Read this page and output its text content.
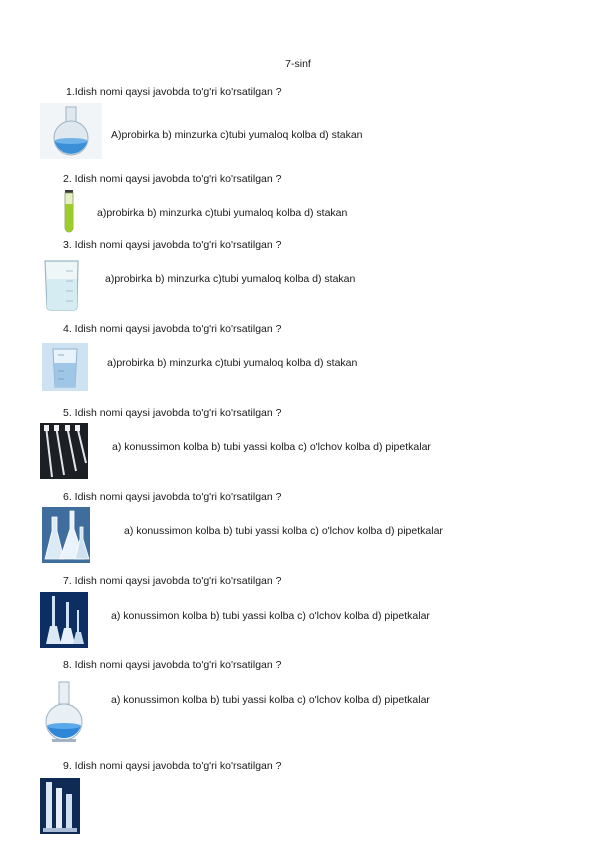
7-sinf
1.Idish nomi qaysi javobda to'g'ri ko'rsatilgan ?
A)probirka b) minzurka c)tubi yumaloq kolba d) stakan
2. Idish nomi qaysi javobda to'g'ri ko'rsatilgan ?
a)probirka b) minzurka c)tubi yumaloq kolba d) stakan
3. Idish nomi qaysi javobda to'g'ri ko'rsatilgan ?
a)probirka b) minzurka c)tubi yumaloq kolba d) stakan
4. Idish nomi qaysi javobda to'g'ri ko'rsatilgan ?
a)probirka b) minzurka c)tubi yumaloq kolba d) stakan
5. Idish nomi qaysi javobda to'g'ri ko'rsatilgan ?
a) konussimon kolba b) tubi yassi kolba c) o'lchov kolba d) pipetkalar
6. Idish nomi qaysi javobda to'g'ri ko'rsatilgan ?
a) konussimon kolba b) tubi yassi kolba c) o'lchov kolba d) pipetkalar
7. Idish nomi qaysi javobda to'g'ri ko'rsatilgan ?
a) konussimon kolba b) tubi yassi kolba c) o'lchov kolba d) pipetkalar
8. Idish nomi qaysi javobda to'g'ri ko'rsatilgan ?
a) konussimon kolba b) tubi yassi kolba c) o'lchov kolba d) pipetkalar
9. Idish nomi qaysi javobda to'g'ri ko'rsatilgan ?
